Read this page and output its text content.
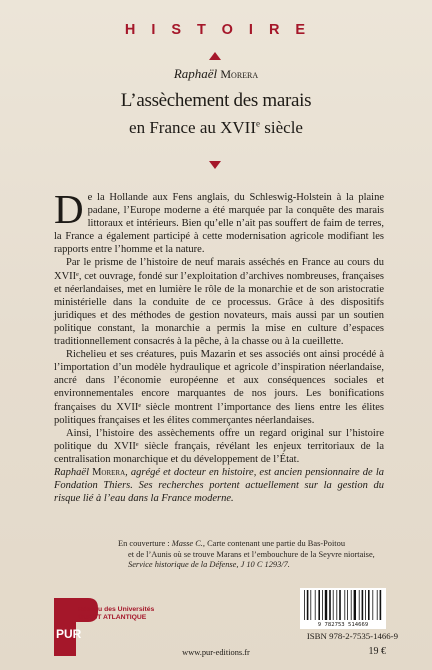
HISTOIRE
Raphaël Morera
L’assèchement des marais
en France au XVIIe siècle

De la Hollande aux Fens anglais, du Schleswig-Holstein à la plaine padane, l’Europe moderne a été marquée par la conquête des marais littoraux et intérieurs. Bien qu’elle n’ait pas souffert de faim de terres, la France a également participé à cette modernisation agricole modifiant les rapports entre l’homme et la nature.

Par le prisme de l’histoire de neuf marais asséchés en France au cours du XVIIᵉ, cet ouvrage, fondé sur l’exploitation d’archives nombreuses, françaises et néerlandaises, met en lumière le rôle de la monarchie et de son aristocratie ministérielle dans la conduite de ce processus. Grâce à des dispositifs juridiques et des méthodes de gestion novateurs, mais aussi par un soutien politique constant, la monarchie a permis la mise en culture d’espaces traditionnellement consacrés à la pêche, à la chasse ou à la cueillette.

Richelieu et ses créatures, puis Mazarin et ses associés ont ainsi procédé à l’importation d’un modèle hydraulique et agricole d’inspiration néerlandaise, ancré dans l’économie européenne et aux conséquences sociales et environnementales encore marquantes de nos jours. Les bonifications françaises du XVIIᵉ siècle montrent l’importance des liens entre les élites politiques françaises et les élites commerçantes néerlandaises.

Ainsi, l’histoire des assèchements offre un regard original sur l’histoire politique du XVIIᵉ siècle français, révélant les enjeux territoriaux de la centralisation monarchique et du développement de l’État.

Raphaël Morera, agrégé et docteur en histoire, est ancien pensionnaire de la Fondation Thiers. Ses recherches portent actuellement sur la gestion du risque lié à l’eau dans la France moderne.

En couverture : Masse C., Carte contenant une partie du Bas-Poitou
et de l’Aunis où se trouve Marans et l’embouchure de la Seyvre niortaise,
Service historique de la Défense, J 10 C 1293/7.
PUR
Réseau des Universités
OUEST ATLANTIQUE
9 782753 514669
ISBN 978-2-7535-1466-9
www.pur-editions.fr	19 €
